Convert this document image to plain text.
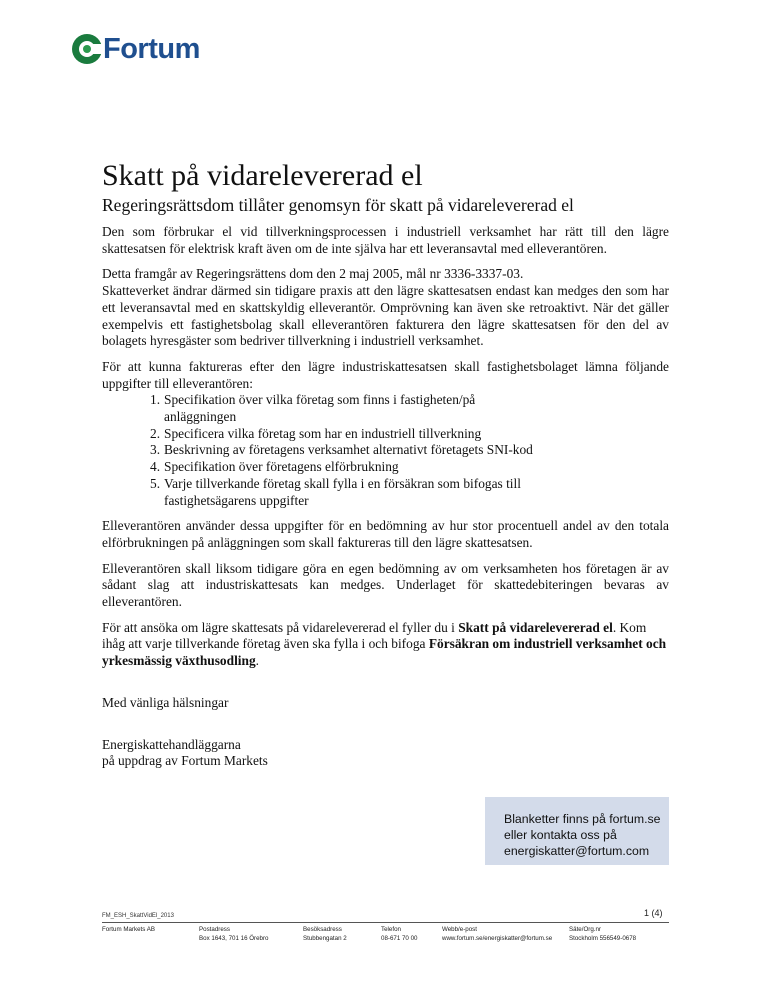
Fortum
Skatt på vidarelevererad el
Regeringsrättsdom tillåter genomsyn för skatt på vidarelevererad el

Den som förbrukar el vid tillverkningsprocessen i industriell verksamhet har rätt till den lägre skattesatsen för elektrisk kraft även om de inte själva har ett leveransavtal med elleverantören.

Detta framgår av Regeringsrättens dom den 2 maj 2005, mål nr 3336-3337-03.
Skatteverket ändrar därmed sin tidigare praxis att den lägre skattesatsen endast kan medges den som har ett leveransavtal med en skattskyldig elleverantör. Omprövning kan även ske retroaktivt. När det gäller exempelvis ett fastighetsbolag skall elleverantören fakturera den lägre skattesatsen för den del av bolagets hyresgäster som bedriver tillverkning i industriell verksamhet.

För att kunna faktureras efter den lägre industriskattesatsen skall fastighetsbolaget lämna följande uppgifter till elleverantören:

1. Specifikation över vilka företag som finns i fastigheten/på anläggningen
2. Specificera vilka företag som har en industriell tillverkning
3. Beskrivning av företagens verksamhet alternativt företagets SNI-kod
4. Specifikation över företagens elförbrukning
5. Varje tillverkande företag skall fylla i en försäkran som bifogas till fastighetsägarens uppgifter

Elleverantören använder dessa uppgifter för en bedömning av hur stor procentuell andel av den totala elförbrukningen på anläggningen som skall faktureras till den lägre skattesatsen.

Elleverantören skall liksom tidigare göra en egen bedömning av om verksamheten hos företagen är av sådant slag att industriskattesats kan medges. Underlaget för skattedebiteringen bevaras av elleverantören.

För att ansöka om lägre skattesats på vidarelevererad el fyller du i Skatt på vidarelevererad el. Kom ihåg att varje tillverkande företag även ska fylla i och bifoga Försäkran om industriell verksamhet och yrkesmässig växthusodling.

Med vänliga hälsningar

Energiskattehandläggarna
på uppdrag av Fortum Markets
Blanketter finns på fortum.se
eller kontakta oss på
energiskatter@fortum.com
FM_ESH_SkattVidEl_2013	1 (4)
Fortum Markets AB	Postadress
Box 1643, 701 16 Örebro
Besöksadress
Stubbengatan 2
Telefon
08-671 70 00
Webb/e-post
www.fortum.se/energiskatter@fortum.se
Säte/Org.nr
Stockholm 556549-0678
